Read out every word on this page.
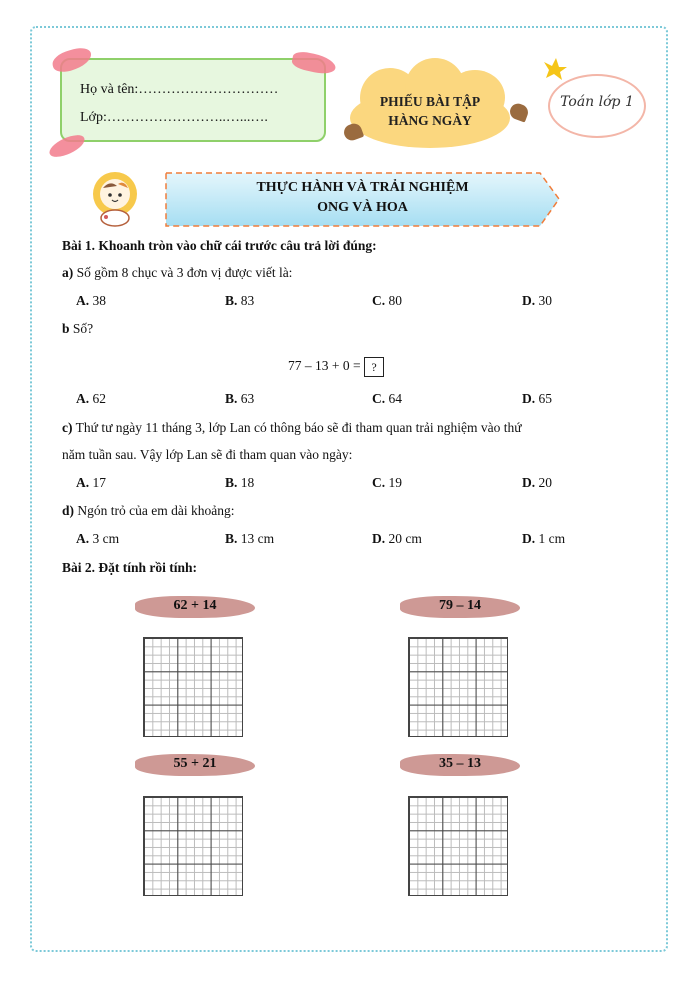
Họ và tên:…………………………
Lớp:……………………..…...….
PHIẾU BÀI TẬP
HÀNG NGÀY
Toán lớp 1
THỰC HÀNH VÀ TRẢI NGHIỆM
ONG VÀ HOA
Bài 1. Khoanh tròn vào chữ cái trước câu trả lời đúng:
a) Số gồm 8 chục và 3 đơn vị được viết là:
A. 38	B. 83	C. 80	D. 30
b Số?
77 – 13 + 0 = ?
A. 62	B. 63	C. 64	D. 65
c) Thứ tư ngày 11 tháng 3, lớp Lan có thông báo sẽ đi tham quan trải nghiệm vào thứ
năm tuần sau. Vậy lớp Lan sẽ đi tham quan vào ngày:
A. 17	B. 18	C. 19	D. 20
d) Ngón trỏ của em dài khoảng:
A. 3 cm	B. 13 cm	D. 20 cm	D. 1 cm
Bài 2. Đặt tính rồi tính:
62 + 14	79 – 14
55 + 21	35 – 13
